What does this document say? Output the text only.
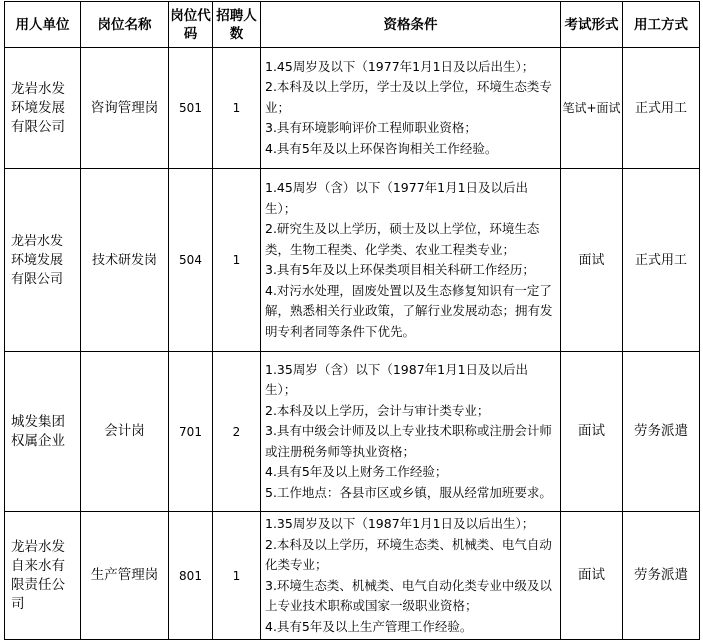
用人单位	岗位名称	岗位代码	招聘人数	资格条件	考试形式	用工方式
龙岩水发环境发展有限公司	咨询管理岗	501	1	1.45周岁及以下（1977年1月1日及以后出生）；
2.本科及以上学历，学士及以上学位，环境生态类专业；
3.具有环境影响评价工程师职业资格；
4.具有5年及以上环保咨询相关工作经验。	笔试+面试	正式用工
龙岩水发环境发展有限公司	技术研发岗	504	1	1.45周岁（含）以下（1977年1月1日及以后出生）；
2.研究生及以上学历，硕士及以上学位，环境生态类，生物工程类、化学类、农业工程类专业；
3.具有5年及以上环保类项目相关科研工作经历；
4.对污水处理，固废处置以及生态修复知识有一定了解，熟悉相关行业政策，了解行业发展动态；拥有发明专利者同等条件下优先。	面试	正式用工
城发集团权属企业	会计岗	701	2	1.35周岁（含）以下（1987年1月1日及以后出生）；
2.本科及以上学历，会计与审计类专业；
3.具有中级会计师及以上专业技术职称或注册会计师或注册税务师等执业资格；
4.具有5年及以上财务工作经验；
5.工作地点：各县市区或乡镇，服从经常加班要求。	面试	劳务派遣
龙岩水发自来水有限责任公司	生产管理岗	801	1	1.35周岁及以下（1987年1月1日及以后出生）；
2.本科及以上学历，环境生态类、机械类、电气自动化类专业；
3.环境生态类、机械类、电气自动化类专业中级及以上专业技术职称或国家一级职业资格；
4.具有5年及以上生产管理工作经验。	面试	劳务派遣
